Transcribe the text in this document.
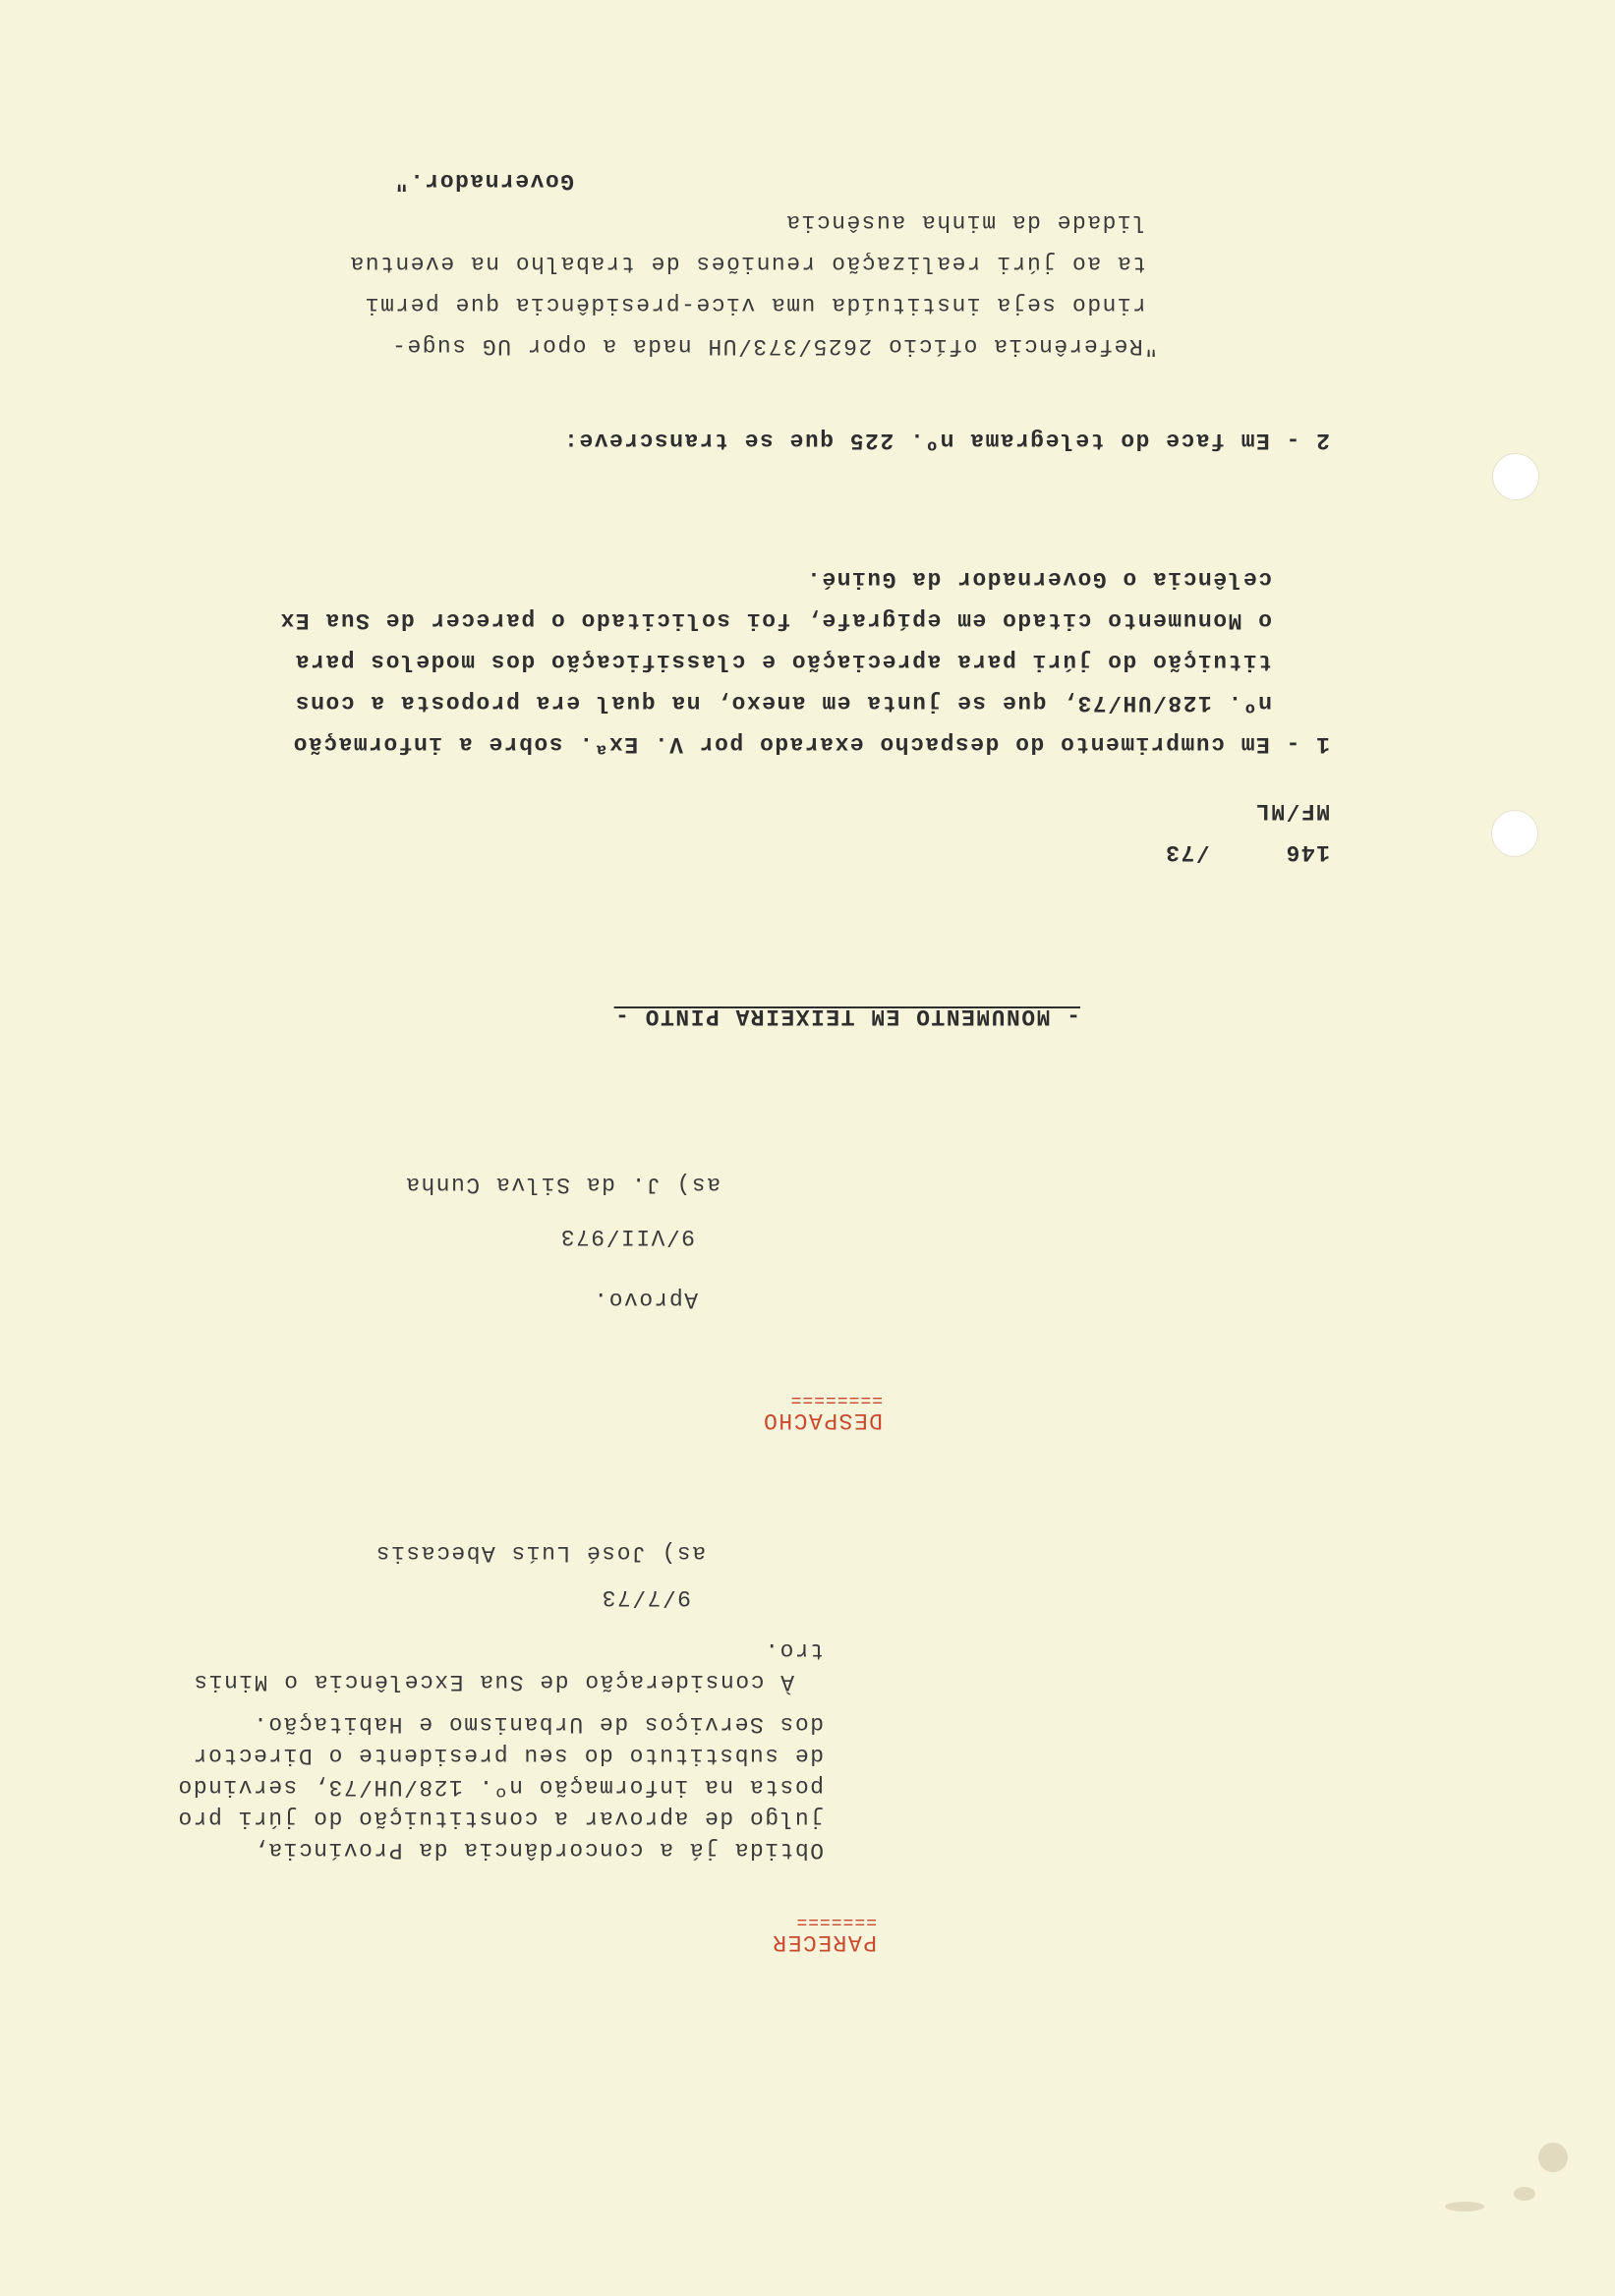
146     /73
MF/ML
- MONUMENTO EM TEIXEIRA PINTO -
1 - Em cumprimento do despacho exarado por V. Exª. sobre a informação
nº. 128/UH/73, que se junta em anexo, na qual era proposta a cons
tituição do júri para apreciação e classificação dos modelos para
o Monumento citado em epígrafe, foi solicitado o parecer de Sua Ex
celência o Governador da Guiné.
2 - Em face do telegrama nº. 225 que se transcreve:
"Referência ofício 2625/373/UH nada a opor UG suge-
rindo seja instituída uma vice-presidência que permi
ta ao júri realização reuniões de trabalho na eventua
lidade da minha ausência
Governador."
DESPACHO
========
Aprovo.
9/VII/973
as) J. da Silva Cunha
PARECER
=======
Obtida já a concordância da Província,
julgo de aprovar a constituição do júri pro
posta na informação nº. 128/UH/73, servindo
de substituto do seu presidente o Director
dos Serviços de Urbanismo e Habitação.
À consideração de Sua Excelência o Minis
tro.
9/7/73
as) José Luís Abecasis
